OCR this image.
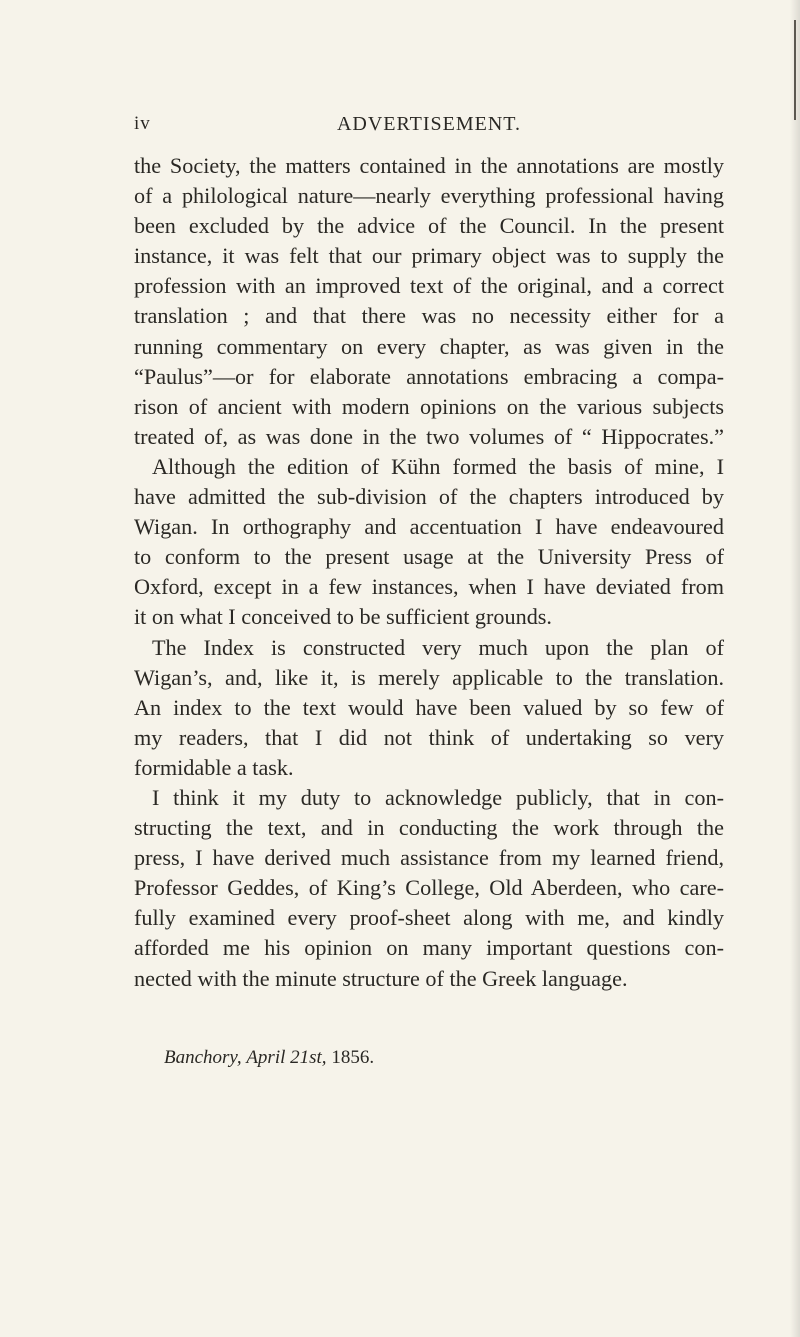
iv	ADVERTISEMENT.
the Society, the matters contained in the annotations are mostly
of a philological nature—nearly everything professional having
been excluded by the advice of the Council. In the present
instance, it was felt that our primary object was to supply the
profession with an improved text of the original, and a correct
translation ; and that there was no necessity either for a
running commentary on every chapter, as was given in the
“Paulus”—or for elaborate annotations embracing a compa-
rison of ancient with modern opinions on the various subjects
treated of, as was done in the two volumes of “ Hippocrates.”
Although the edition of Kühn formed the basis of mine, I
have admitted the sub-division of the chapters introduced by
Wigan. In orthography and accentuation I have endeavoured
to conform to the present usage at the University Press of
Oxford, except in a few instances, when I have deviated from
it on what I conceived to be sufficient grounds.
The Index is constructed very much upon the plan of
Wigan’s, and, like it, is merely applicable to the translation.
An index to the text would have been valued by so few of
my readers, that I did not think of undertaking so very
formidable a task.
I think it my duty to acknowledge publicly, that in con-
structing the text, and in conducting the work through the
press, I have derived much assistance from my learned friend,
Professor Geddes, of King’s College, Old Aberdeen, who care-
fully examined every proof-sheet along with me, and kindly
afforded me his opinion on many important questions con-
nected with the minute structure of the Greek language.
Banchory, April 21st, 1856.
